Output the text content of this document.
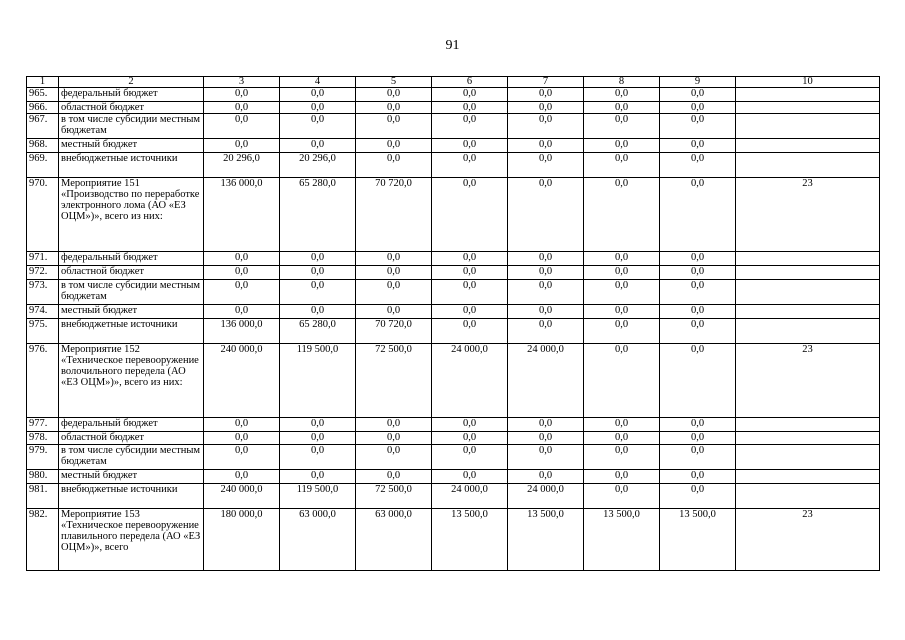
91
1	2	3	4	5	6	7	8	9	10
965.	федеральный бюджет	0,0	0,0	0,0	0,0	0,0	0,0	0,0	
966.	областной бюджет	0,0	0,0	0,0	0,0	0,0	0,0	0,0	
967.	в том числе субсидии местным бюджетам	0,0	0,0	0,0	0,0	0,0	0,0	0,0	
968.	местный бюджет	0,0	0,0	0,0	0,0	0,0	0,0	0,0	
969.	внебюджетные источники	20 296,0	20 296,0	0,0	0,0	0,0	0,0	0,0	
970.	Мероприятие 151 «Производство по переработке электронного лома (АО «ЕЗ ОЦМ»)», всего из них:	136 000,0	65 280,0	70 720,0	0,0	0,0	0,0	0,0	23
971.	федеральный бюджет	0,0	0,0	0,0	0,0	0,0	0,0	0,0	
972.	областной бюджет	0,0	0,0	0,0	0,0	0,0	0,0	0,0	
973.	в том числе субсидии местным бюджетам	0,0	0,0	0,0	0,0	0,0	0,0	0,0	
974.	местный бюджет	0,0	0,0	0,0	0,0	0,0	0,0	0,0	
975.	внебюджетные источники	136 000,0	65 280,0	70 720,0	0,0	0,0	0,0	0,0	
976.	Мероприятие 152 «Техническое перевооружение волочильного передела (АО «ЕЗ ОЦМ»)», всего из них:	240 000,0	119 500,0	72 500,0	24 000,0	24 000,0	0,0	0,0	23
977.	федеральный бюджет	0,0	0,0	0,0	0,0	0,0	0,0	0,0	
978.	областной бюджет	0,0	0,0	0,0	0,0	0,0	0,0	0,0	
979.	в том числе субсидии местным бюджетам	0,0	0,0	0,0	0,0	0,0	0,0	0,0	
980.	местный бюджет	0,0	0,0	0,0	0,0	0,0	0,0	0,0	
981.	внебюджетные источники	240 000,0	119 500,0	72 500,0	24 000,0	24 000,0	0,0	0,0	
982.	Мероприятие 153 «Техническое перевооружение плавильного передела (АО «ЕЗ ОЦМ»)», всего	180 000,0	63 000,0	63 000,0	13 500,0	13 500,0	13 500,0	13 500,0	23
